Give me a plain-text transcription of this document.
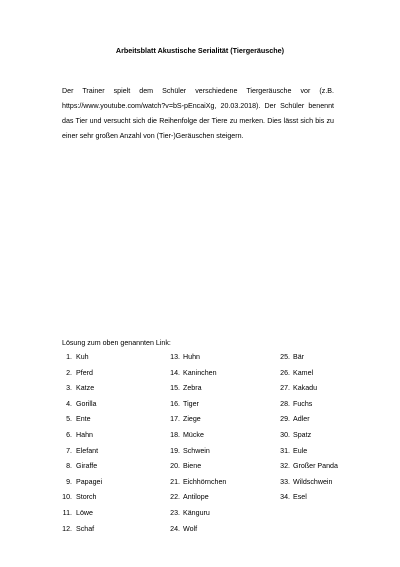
Arbeitsblatt Akustische Serialität (Tiergeräusche)
Der Trainer spielt dem Schüler verschiedene Tiergeräusche vor (z.B. https://www.youtube.com/watch?v=bS-pEncaiXg, 20.03.2018). Der Schüler benennt das Tier und versucht sich die Reihenfolge der Tiere zu merken. Dies lässt sich bis zu einer sehr großen Anzahl von (Tier-)Geräuschen steigern.
Lösung zum oben genannten Link:
1. Kuh
2. Pferd
3. Katze
4. Gorilla
5. Ente
6. Hahn
7. Elefant
8. Giraffe
9. Papagei
10. Storch
11. Löwe
12. Schaf
13. Huhn
14. Kaninchen
15. Zebra
16. Tiger
17. Ziege
18. Mücke
19. Schwein
20. Biene
21. Eichhörnchen
22. Antilope
23. Känguru
24. Wolf
25. Bär
26. Kamel
27. Kakadu
28. Fuchs
29. Adler
30. Spatz
31. Eule
32. Großer Panda
33. Wildschwein
34. Esel
